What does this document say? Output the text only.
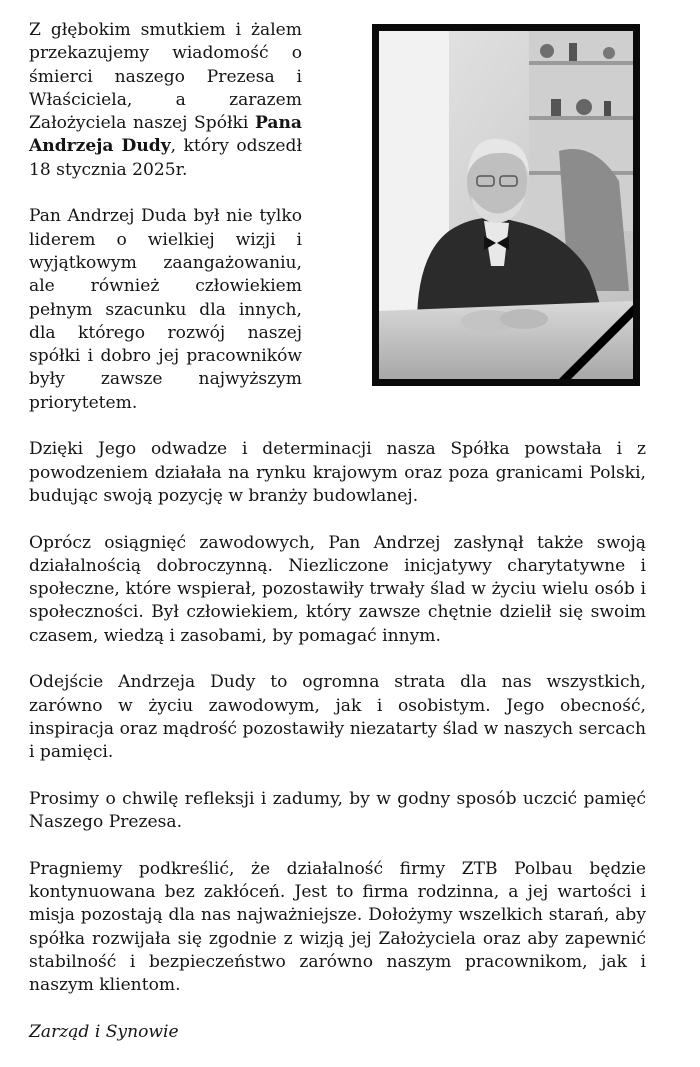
Z głębokim smutkiem i żalem przekazujemy wiadomość o śmierci naszego Prezesa i Właściciela, a zarazem Założyciela naszej Spółki Pana Andrzeja Dudy, który odszedł 18 stycznia 2025r.

Pan Andrzej Duda był nie tylko liderem o wielkiej wizji i wyjątkowym zaangażowaniu, ale również człowiekiem pełnym szacunku dla innych, dla którego rozwój naszej spółki i dobro jej pracowników były zawsze najwyższym priorytetem.

Dzięki Jego odwadze i determinacji nasza Spółka powstała i z powodzeniem działała na rynku krajowym oraz poza granicami Polski, budując swoją pozycję w branży budowlanej.

Oprócz osiągnięć zawodowych, Pan Andrzej zasłynął także swoją działalnością dobroczynną. Niezliczone inicjatywy charytatywne i społeczne, które wspierał, pozostawiły trwały ślad w życiu wielu osób i społeczności. Był człowiekiem, który zawsze chętnie dzielił się swoim czasem, wiedzą i zasobami, by pomagać innym.

Odejście Andrzeja Dudy to ogromna strata dla nas wszystkich, zarówno w życiu zawodowym, jak i osobistym. Jego obecność, inspiracja oraz mądrość pozostawiły niezatarty ślad w naszych sercach i pamięci.

Prosimy o chwilę refleksji i zadumy, by w godny sposób uczcić pamięć Naszego Prezesa.

Pragniemy podkreślić, że działalność firmy ZTB Polbau będzie kontynuowana bez zakłóceń. Jest to firma rodzinna, a jej wartości i misja pozostają dla nas najważniejsze. Dołożymy wszelkich starań, aby spółka rozwijała się zgodnie z wizją jej Założyciela oraz aby zapewnić stabilność i bezpieczeństwo zarówno naszym pracownikom, jak i naszym klientom.

Zarząd i Synowie
